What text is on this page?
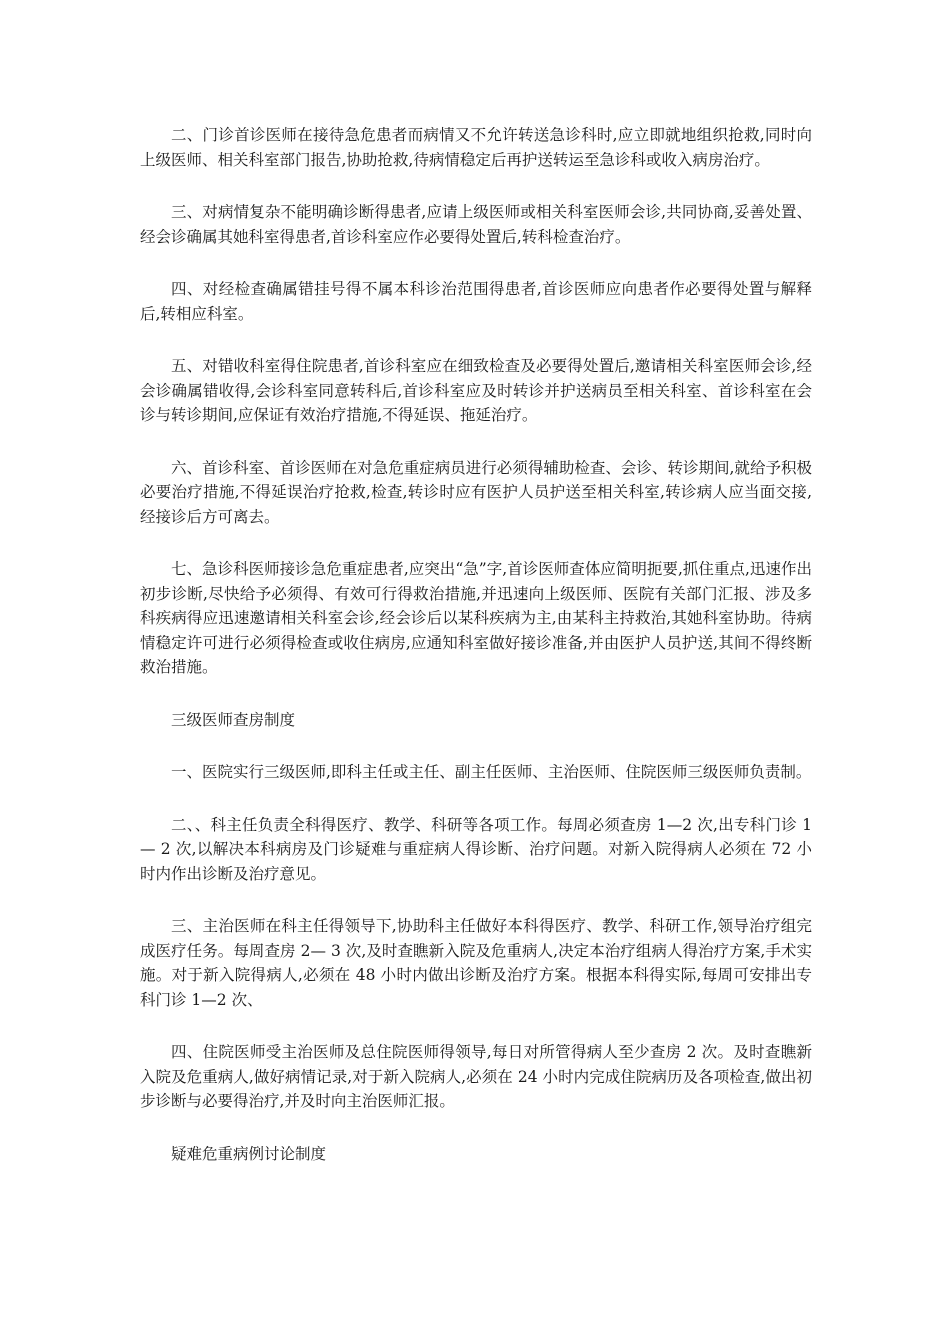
二、门诊首诊医师在接待急危患者而病情又不允许转送急诊科时,应立即就地组织抢救,同时向上级医师、相关科室部门报告,协助抢救,待病情稳定后再护送转运至急诊科或收入病房治疗。

三、对病情复杂不能明确诊断得患者,应请上级医师或相关科室医师会诊,共同协商,妥善处置、经会诊确属其她科室得患者,首诊科室应作必要得处置后,转科检查治疗。

四、对经检查确属错挂号得不属本科诊治范围得患者,首诊医师应向患者作必要得处置与解释后,转相应科室。

五、对错收科室得住院患者,首诊科室应在细致检查及必要得处置后,邀请相关科室医师会诊,经会诊确属错收得,会诊科室同意转科后,首诊科室应及时转诊并护送病员至相关科室、首诊科室在会诊与转诊期间,应保证有效治疗措施,不得延误、拖延治疗。

六、首诊科室、首诊医师在对急危重症病员进行必须得辅助检查、会诊、转诊期间,就给予积极必要治疗措施,不得延误治疗抢救,检查,转诊时应有医护人员护送至相关科室,转诊病人应当面交接,经接诊后方可离去。

七、急诊科医师接诊急危重症患者,应突出“急”字,首诊医师查体应简明扼要,抓住重点,迅速作出初步诊断,尽快给予必须得、有效可行得救治措施,并迅速向上级医师、医院有关部门汇报、涉及多科疾病得应迅速邀请相关科室会诊,经会诊后以某科疾病为主,由某科主持救治,其她科室协助。待病情稳定许可进行必须得检查或收住病房,应通知科室做好接诊准备,并由医护人员护送,其间不得终断救治措施。

三级医师查房制度

一、医院实行三级医师,即科主任或主任、副主任医师、主治医师、住院医师三级医师负责制。

二、、科主任负责全科得医疗、教学、科研等各项工作。每周必须查房 1—2 次,出专科门诊 1— 2 次,以解决本科病房及门诊疑难与重症病人得诊断、治疗问题。对新入院得病人必须在 72 小时内作出诊断及治疗意见。

三、主治医师在科主任得领导下,协助科主任做好本科得医疗、教学、科研工作,领导治疗组完成医疗任务。每周查房 2— 3 次,及时查瞧新入院及危重病人,决定本治疗组病人得治疗方案,手术实施。对于新入院得病人,必须在 48 小时内做出诊断及治疗方案。根据本科得实际,每周可安排出专科门诊 1—2 次、

四、住院医师受主治医师及总住院医师得领导,每日对所管得病人至少查房 2 次。及时查瞧新入院及危重病人,做好病情记录,对于新入院病人,必须在 24 小时内完成住院病历及各项检查,做出初步诊断与必要得治疗,并及时向主治医师汇报。

疑难危重病例讨论制度
